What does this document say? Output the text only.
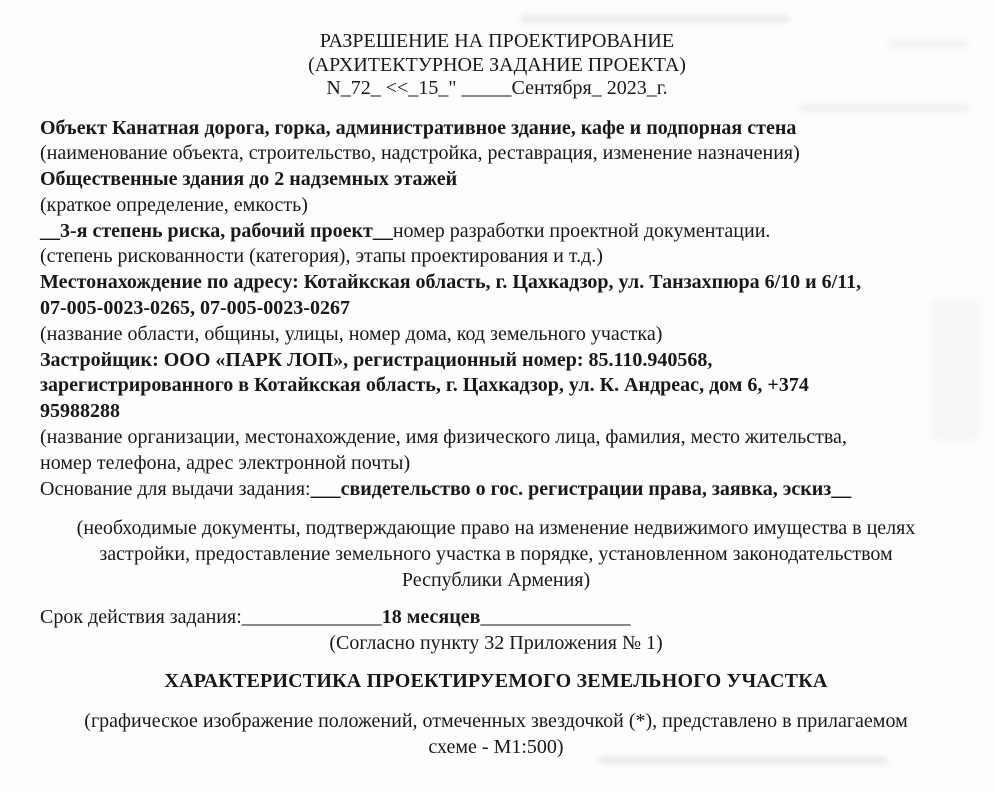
РАЗРЕШЕНИЕ НА ПРОЕКТИРОВАНИЕ
(АРХИТЕКТУРНОЕ ЗАДАНИЕ ПРОЕКТА)
N_72_ <<_15_" _____Сентября_ 2023_г.

Объект Канатная дорога, горка, административное здание, кафе и подпорная стена

(наименование объекта, строительство, надстройка, реставрация, изменение назначения)

Общественные здания до 2 надземных этажей

(краткое определение, емкость)

__3-я степень риска, рабочий проект__номер разработки проектной документации.

(степень рискованности (категория), этапы проектирования и т.д.)

Местонахождение по адресу: Котайкская область, г. Цахкадзор, ул. Танзахпюра 6/10 и 6/11,

07-005-0023-0265, 07-005-0023-0267

(название области, общины, улицы, номер дома, код земельного участка)

Застройщик: ООО «ПАРК ЛОП», регистрационный номер: 85.110.940568,

зарегистрированного в Котайкская область, г. Цахкадзор, ул. К. Андреас, дом 6, +374

95988288

(название организации, местонахождение, имя физического лица, фамилия, место жительства,

номер телефона, адрес электронной почты)

Основание для выдачи задания:___свидетельство о гос. регистрации права, заявка, эскиз__

(необходимые документы, подтверждающие право на изменение недвижимого имущества в целях

застройки, предоставление земельного участка в порядке, установленном законодательством

Республики Армения)

Срок действия задания:______________18 месяцев_______________

(Согласно пункту 32 Приложения № 1)

ХАРАКТЕРИСТИКА ПРОЕКТИРУЕМОГО ЗЕМЕЛЬНОГО УЧАСТКА

(графическое изображение положений, отмеченных звездочкой (*), представлено в прилагаемом

схеме - М1:500)
